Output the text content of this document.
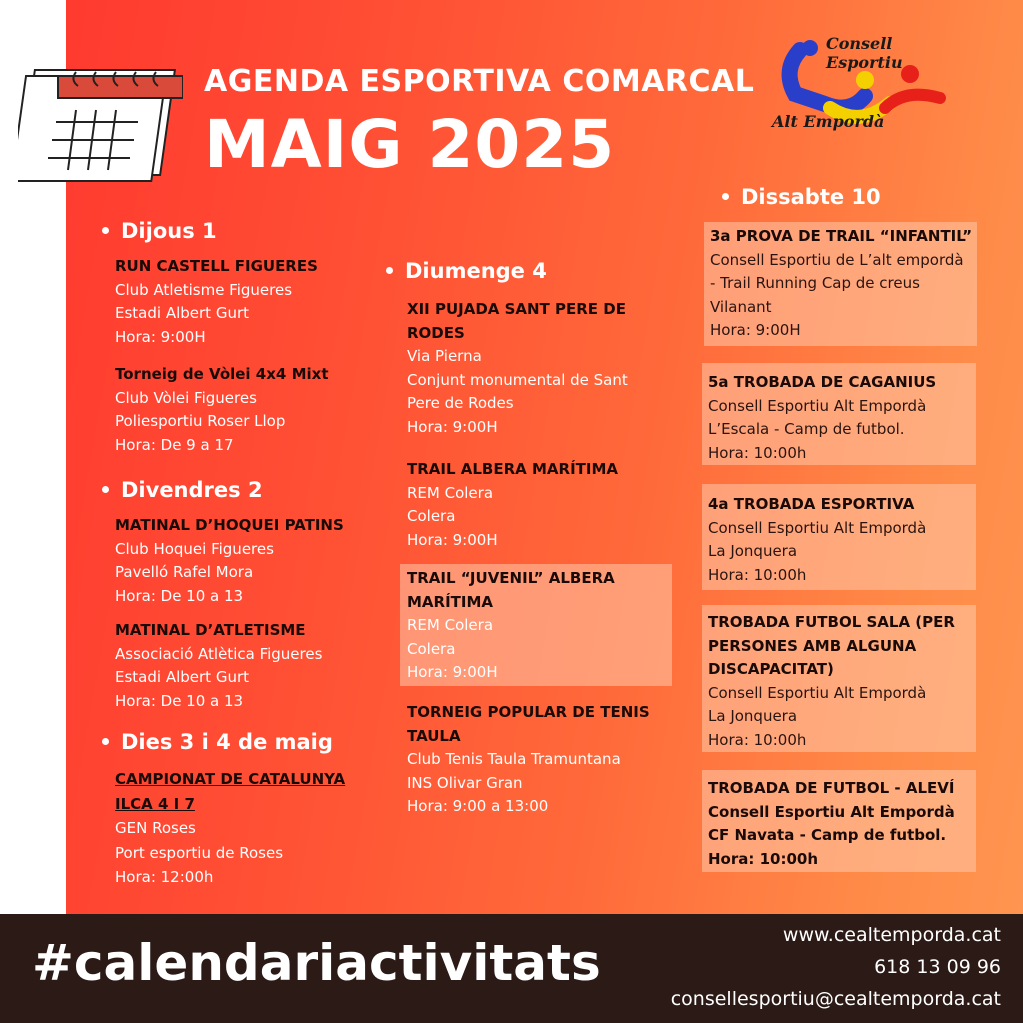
AGENDA ESPORTIVA COMARCAL
MAIG 2025
Consell Esportiu
Alt Empordà
Dijous 1
RUN CASTELL FIGUERES
Club Atletisme Figueres
Estadi Albert Gurt
Hora: 9:00H
Torneig de Vòlei 4x4 Mixt
Club Vòlei Figueres
Poliesportiu Roser Llop
Hora: De 9 a 17
Divendres 2
MATINAL D’HOQUEI PATINS
Club Hoquei Figueres
Pavelló Rafel Mora
Hora: De 10 a 13
MATINAL D’ATLETISME
Associació Atlètica Figueres
Estadi Albert Gurt
Hora: De 10 a 13
Dies 3 i 4 de maig
CAMPIONAT DE CATALUNYA
ILCA 4 I 7
GEN Roses
Port esportiu de Roses
Hora: 12:00h
Diumenge 4
XII PUJADA SANT PERE DE
RODES
Via Pierna
Conjunt monumental de Sant
Pere de Rodes
Hora: 9:00H
TRAIL ALBERA MARÍTIMA
REM Colera
Colera
Hora: 9:00H
TRAIL “JUVENIL” ALBERA
MARÍTIMA
REM Colera
Colera
Hora: 9:00H
TORNEIG POPULAR DE TENIS
TAULA
Club Tenis Taula Tramuntana
INS Olivar Gran
Hora: 9:00 a 13:00
Dissabte 10
3a PROVA DE TRAIL “INFANTIL”
Consell Esportiu de L’alt empordà
- Trail Running Cap de creus
Vilanant
Hora: 9:00H
5a TROBADA DE CAGANIUS
Consell Esportiu Alt Empordà
L’Escala - Camp de futbol.
Hora: 10:00h
4a TROBADA ESPORTIVA
Consell Esportiu Alt Empordà
La Jonquera
Hora: 10:00h
TROBADA FUTBOL SALA (PER
PERSONES AMB ALGUNA
DISCAPACITAT)
Consell Esportiu Alt Empordà
La Jonquera
Hora: 10:00h
TROBADA DE FUTBOL - ALEVÍ
Consell Esportiu Alt Empordà
CF Navata - Camp de futbol.
Hora: 10:00h
#calendariactivitats	www.cealtemporda.cat
618 13 09 96
consellesportiu@cealtemporda.cat
